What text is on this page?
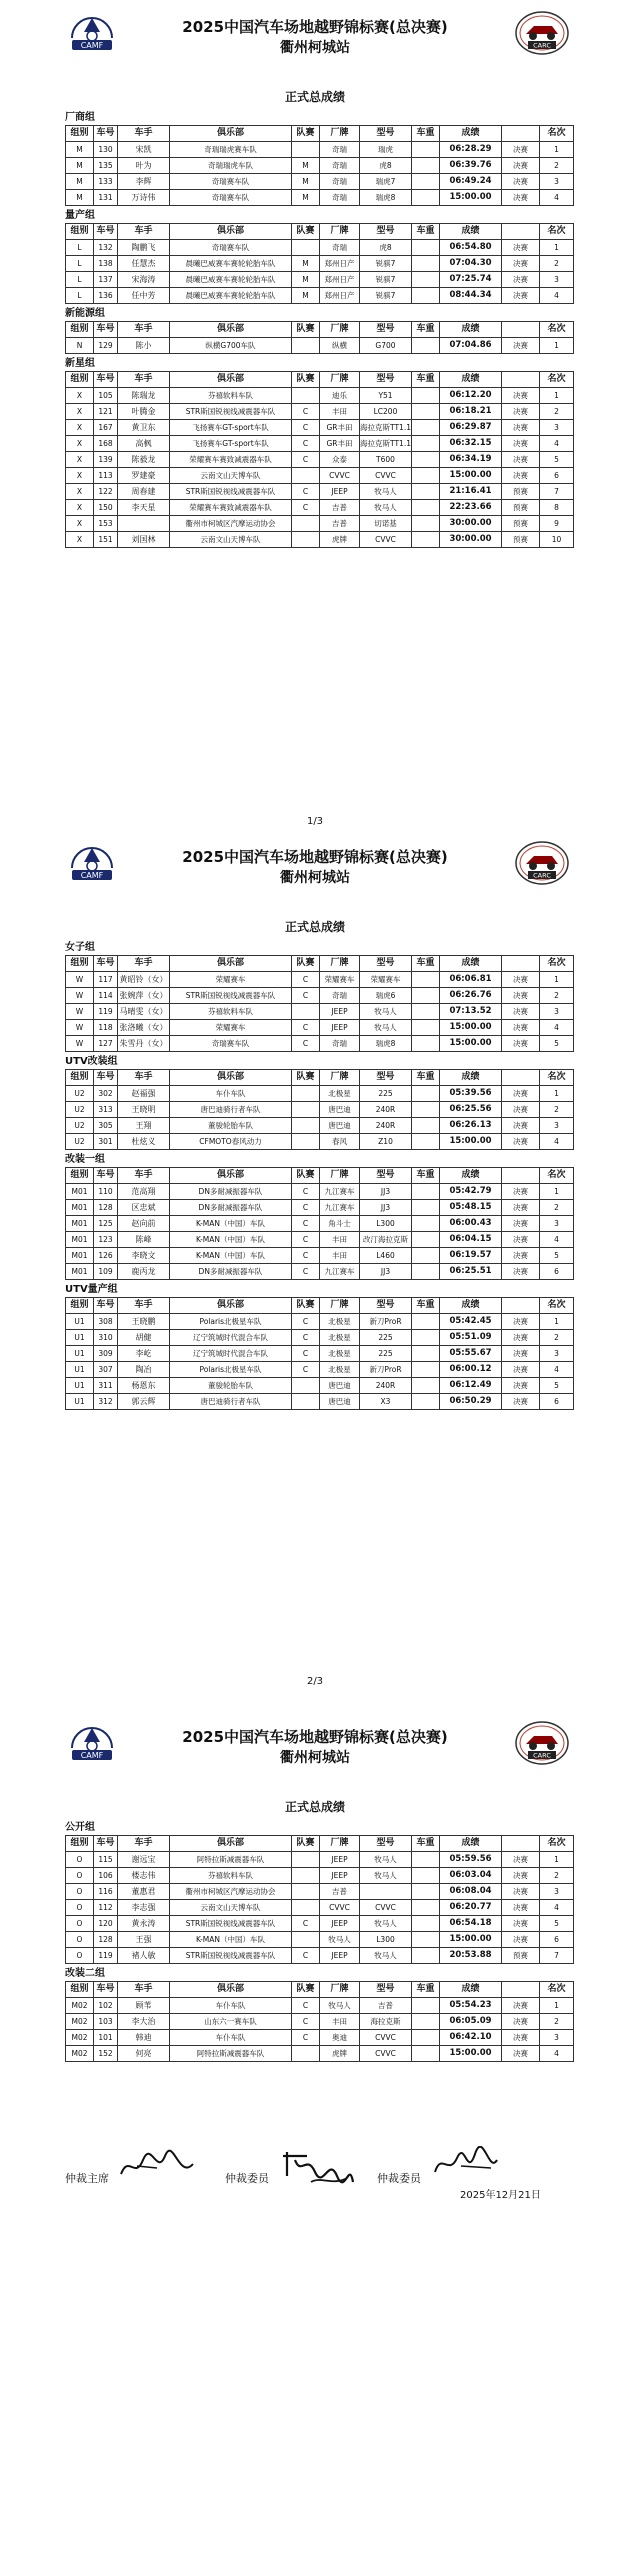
CAMF	CARC
2025中国汽车场地越野锦标赛(总决赛)
衢州柯城站
正式总成绩
厂商组
组别	车号	车手	俱乐部	队赛	厂牌	型号	车重	成绩		名次
M	130	宋凯	奇瑞瑞虎赛车队		奇瑞	瑞虎		06:28.29	决赛	1
M	135	叶为	奇瑞瑞虎车队	M	奇瑞	虎8		06:39.76	决赛	2
M	133	李辉	奇瑞赛车队	M	奇瑞	瑞虎7		06:49.24	决赛	3
M	131	万诗伟	奇瑞赛车队	M	奇瑞	瑞虎8		15:00.00	决赛	4
量产组
组别	车号	车手	俱乐部	队赛	厂牌	型号	车重	成绩		名次
L	132	陶鹏飞	奇瑞赛车队		奇瑞	虎8		06:54.80	决赛	1
L	138	任慧杰	晨曦巴威赛车赛轮轮胎车队	M	郑州日产	锐骐7		07:04.30	决赛	2
L	137	宋海涛	晨曦巴威赛车赛轮轮胎车队	M	郑州日产	锐骐7		07:25.74	决赛	3
L	136	任中芳	晨曦巴威赛车赛轮轮胎车队	M	郑州日产	锐骐7		08:44.34	决赛	4
新能源组
组别	车号	车手	俱乐部	队赛	厂牌	型号	车重	成绩		名次
N	129	陈小	纵横G700车队		纵横	G700		07:04.86	决赛	1
新星组
组别	车号	车手	俱乐部	队赛	厂牌	型号	车重	成绩		名次
X	105	陈瑞龙	芬禧软料车队		迪乐	Y51		06:12.20	决赛	1
X	121	叶腾金	STR斯国锐视线减震器车队	C	丰田	LC200		06:18.21	决赛	2
X	167	黄卫东	飞扬赛车GT-sport车队	C	GR丰田	海拉克斯TT1.1		06:29.87	决赛	3
X	168	高枫	飞扬赛车GT-sport车队	C	GR丰田	海拉克斯TT1.1		06:32.15	决赛	4
X	139	陈毅龙	荣耀赛车赛致减震器车队	C	众泰	T600		06:34.19	决赛	5
X	113	罗建豪	云南文山天博车队		CVVC	CVVC		15:00.00	决赛	6
X	122	周春建	STR斯国锐视线减震器车队	C	JEEP	牧马人		21:16.41	预赛	7
X	150	李天星	荣耀赛车赛致减震器车队	C	吉普	牧马人		22:23.66	预赛	8
X	153		衢州市柯城区汽摩运动协会		吉普	切诺基		30:00.00	预赛	9
X	151	刘国林	云南文山天博车队		虎牌	CVVC		30:00.00	预赛	10
1/3
CAMF	CARC
2025中国汽车场地越野锦标赛(总决赛)
衢州柯城站
正式总成绩
女子组
组别	车号	车手	俱乐部	队赛	厂牌	型号	车重	成绩		名次
W	117	黄昭铃（女）	荣耀赛车	C	荣耀赛车	荣耀赛车		06:06.81	决赛	1
W	114	张婉萍（女）	STR斯国锐视线减震器车队	C	奇瑞	瑞虎6		06:26.76	决赛	2
W	119	马晴雯（女）	芬禧软料车队		JEEP	牧马人		07:13.52	决赛	3
W	118	张洛曦（女）	荣耀赛车	C	JEEP	牧马人		15:00.00	决赛	4
W	127	朱雪丹（女）	奇瑞赛车队	C	奇瑞	瑞虎8		15:00.00	决赛	5
UTV改装组
组别	车号	车手	俱乐部	队赛	厂牌	型号	车重	成绩		名次
U2	302	赵福强	车仆车队		北极星	225		05:39.56	决赛	1
U2	313	王晓明	唐巴迪骑行者车队		唐巴迪	240R		06:25.56	决赛	2
U2	305	王翔	董骏轮胎车队		唐巴迪	240R		06:26.13	决赛	3
U2	301	杜炫义	CFMOTO春风动力		春风	Z10		15:00.00	决赛	4
改装一组
组别	车号	车手	俱乐部	队赛	厂牌	型号	车重	成绩		名次
M01	110	范高翔	DN多耐减振器车队	C	九江赛车	JJ3		05:42.79	决赛	1
M01	128	区忠斌	DN多耐减振器车队	C	九江赛车	JJ3		05:48.15	决赛	2
M01	125	赵向前	K-MAN（中国）车队	C	角斗士	L300		06:00.43	决赛	3
M01	123	陈峰	K-MAN（中国）车队	C	丰田	改汀海拉克斯		06:04.15	决赛	4
M01	126	李晓文	K-MAN（中国）车队	C	丰田	L460		06:19.57	决赛	5
M01	109	鹿丙龙	DN多耐减振器车队	C	九江赛车	JJ3		06:25.51	决赛	6
UTV量产组
组别	车号	车手	俱乐部	队赛	厂牌	型号	车重	成绩		名次
U1	308	王晓鹏	Polaris北极星车队	C	北极星	新刀ProR		05:42.45	决赛	1
U1	310	胡健	辽宁筑城时代混合车队	C	北极星	225		05:51.09	决赛	2
U1	309	李屹	辽宁筑城时代混合车队	C	北极星	225		05:55.67	决赛	3
U1	307	陶冶	Polaris北极星车队	C	北极星	新刀ProR		06:00.12	决赛	4
U1	311	杨恩东	董骏轮胎车队		唐巴迪	240R		06:12.49	决赛	5
U1	312	郭云辉	唐巴迪骑行者车队		唐巴迪	X3		06:50.29	决赛	6
2/3
CAMF	CARC
2025中国汽车场地越野锦标赛(总决赛)
衢州柯城站
正式总成绩
公开组
组别	车号	车手	俱乐部	队赛	厂牌	型号	车重	成绩		名次
O	115	谢远宝	阿特拉斯减震器车队		JEEP	牧马人		05:59.56	决赛	1
O	106	楼志伟	芬禧软料车队		JEEP	牧马人		06:03.04	决赛	2
O	116	董惠君	衢州市柯城区汽摩运动协会		吉普			06:08.04	决赛	3
O	112	李志强	云南文山天博车队		CVVC	CVVC		06:20.77	决赛	4
O	120	黄永涛	STR斯国锐视线减震器车队	C	JEEP	牧马人		06:54.18	决赛	5
O	128	王强	K-MAN（中国）车队		牧马人	L300		15:00.00	决赛	6
O	119	褚人敏	STR斯国锐视线减震器车队	C	JEEP	牧马人		20:53.88	预赛	7
改装二组
组别	车号	车手	俱乐部	队赛	厂牌	型号	车重	成绩		名次
M02	102	顾苇	车仆车队	C	牧马人	吉普		05:54.23	决赛	1
M02	103	李大治	山东六一赛车队	C	丰田	海拉克斯		06:05.09	决赛	2
M02	101	韩迪	车仆车队	C	奥迪	CVVC		06:42.10	决赛	3
M02	152	何亮	阿特拉斯减震器车队		虎牌	CVVC		15:00.00	决赛	4
仲裁主席	仲裁委员	仲裁委员
2025年12月21日
